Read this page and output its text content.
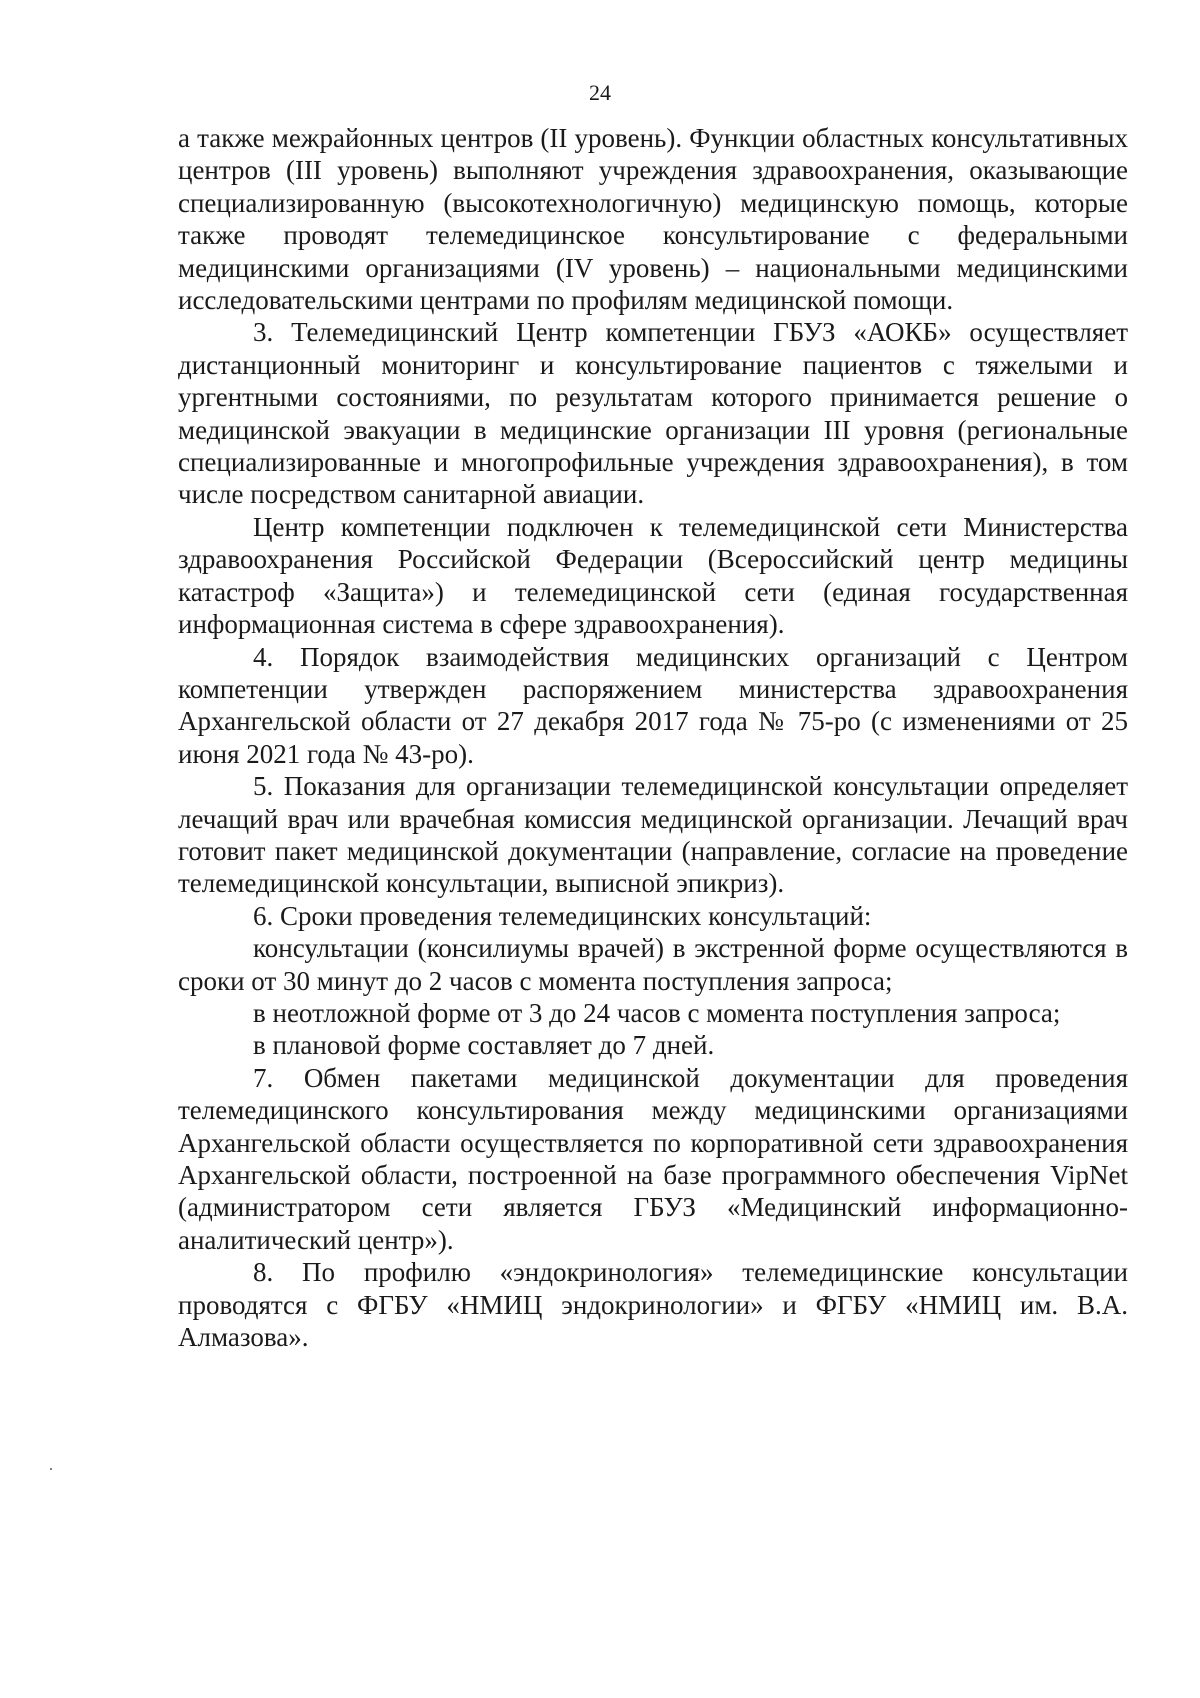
24

а также межрайонных центров (II уровень). Функции областных консультативных центров (III уровень) выполняют учреждения здравоохранения, оказывающие специализированную (высокотехнологичную) медицинскую помощь, которые также проводят телемедицинское консультирование с федеральными медицинскими организациями (IV уровень) – национальными медицинскими исследовательскими центрами по профилям медицинской помощи.

3. Телемедицинский Центр компетенции ГБУЗ «АОКБ» осуществляет дистанционный мониторинг и консультирование пациентов с тяжелыми и ургентными состояниями, по результатам которого принимается решение о медицинской эвакуации в медицинские организации III уровня (региональные специализированные и многопрофильные учреждения здравоохранения), в том числе посредством санитарной авиации.

Центр компетенции подключен к телемедицинской сети Министерства здравоохранения Российской Федерации (Всероссийский центр медицины катастроф «Защита») и телемедицинской сети (единая государственная информационная система в сфере здравоохранения).

4. Порядок взаимодействия медицинских организаций с Центром компетенции утвержден распоряжением министерства здравоохранения Архангельской области от 27 декабря 2017 года № 75-ро (с изменениями от 25 июня 2021 года № 43-ро).

5. Показания для организации телемедицинской консультации определяет лечащий врач или врачебная комиссия медицинской организации. Лечащий врач готовит пакет медицинской документации (направление, согласие на проведение телемедицинской консультации, выписной эпикриз).

6. Сроки проведения телемедицинских консультаций:

консультации (консилиумы врачей) в экстренной форме осуществляются в сроки от 30 минут до 2 часов с момента поступления запроса;

в неотложной форме от 3 до 24 часов с момента поступления запроса;

в плановой форме составляет до 7 дней.

7. Обмен пакетами медицинской документации для проведения телемедицинского консультирования между медицинскими организациями Архангельской области осуществляется по корпоративной сети здравоохранения Архангельской области, построенной на базе программного обеспечения VipNet (администратором сети является ГБУЗ «Медицинский информационно-аналитический центр»).

8. По профилю «эндокринология» телемедицинские консультации проводятся с ФГБУ «НМИЦ эндокринологии» и ФГБУ «НМИЦ им. В.А. Алмазова».
